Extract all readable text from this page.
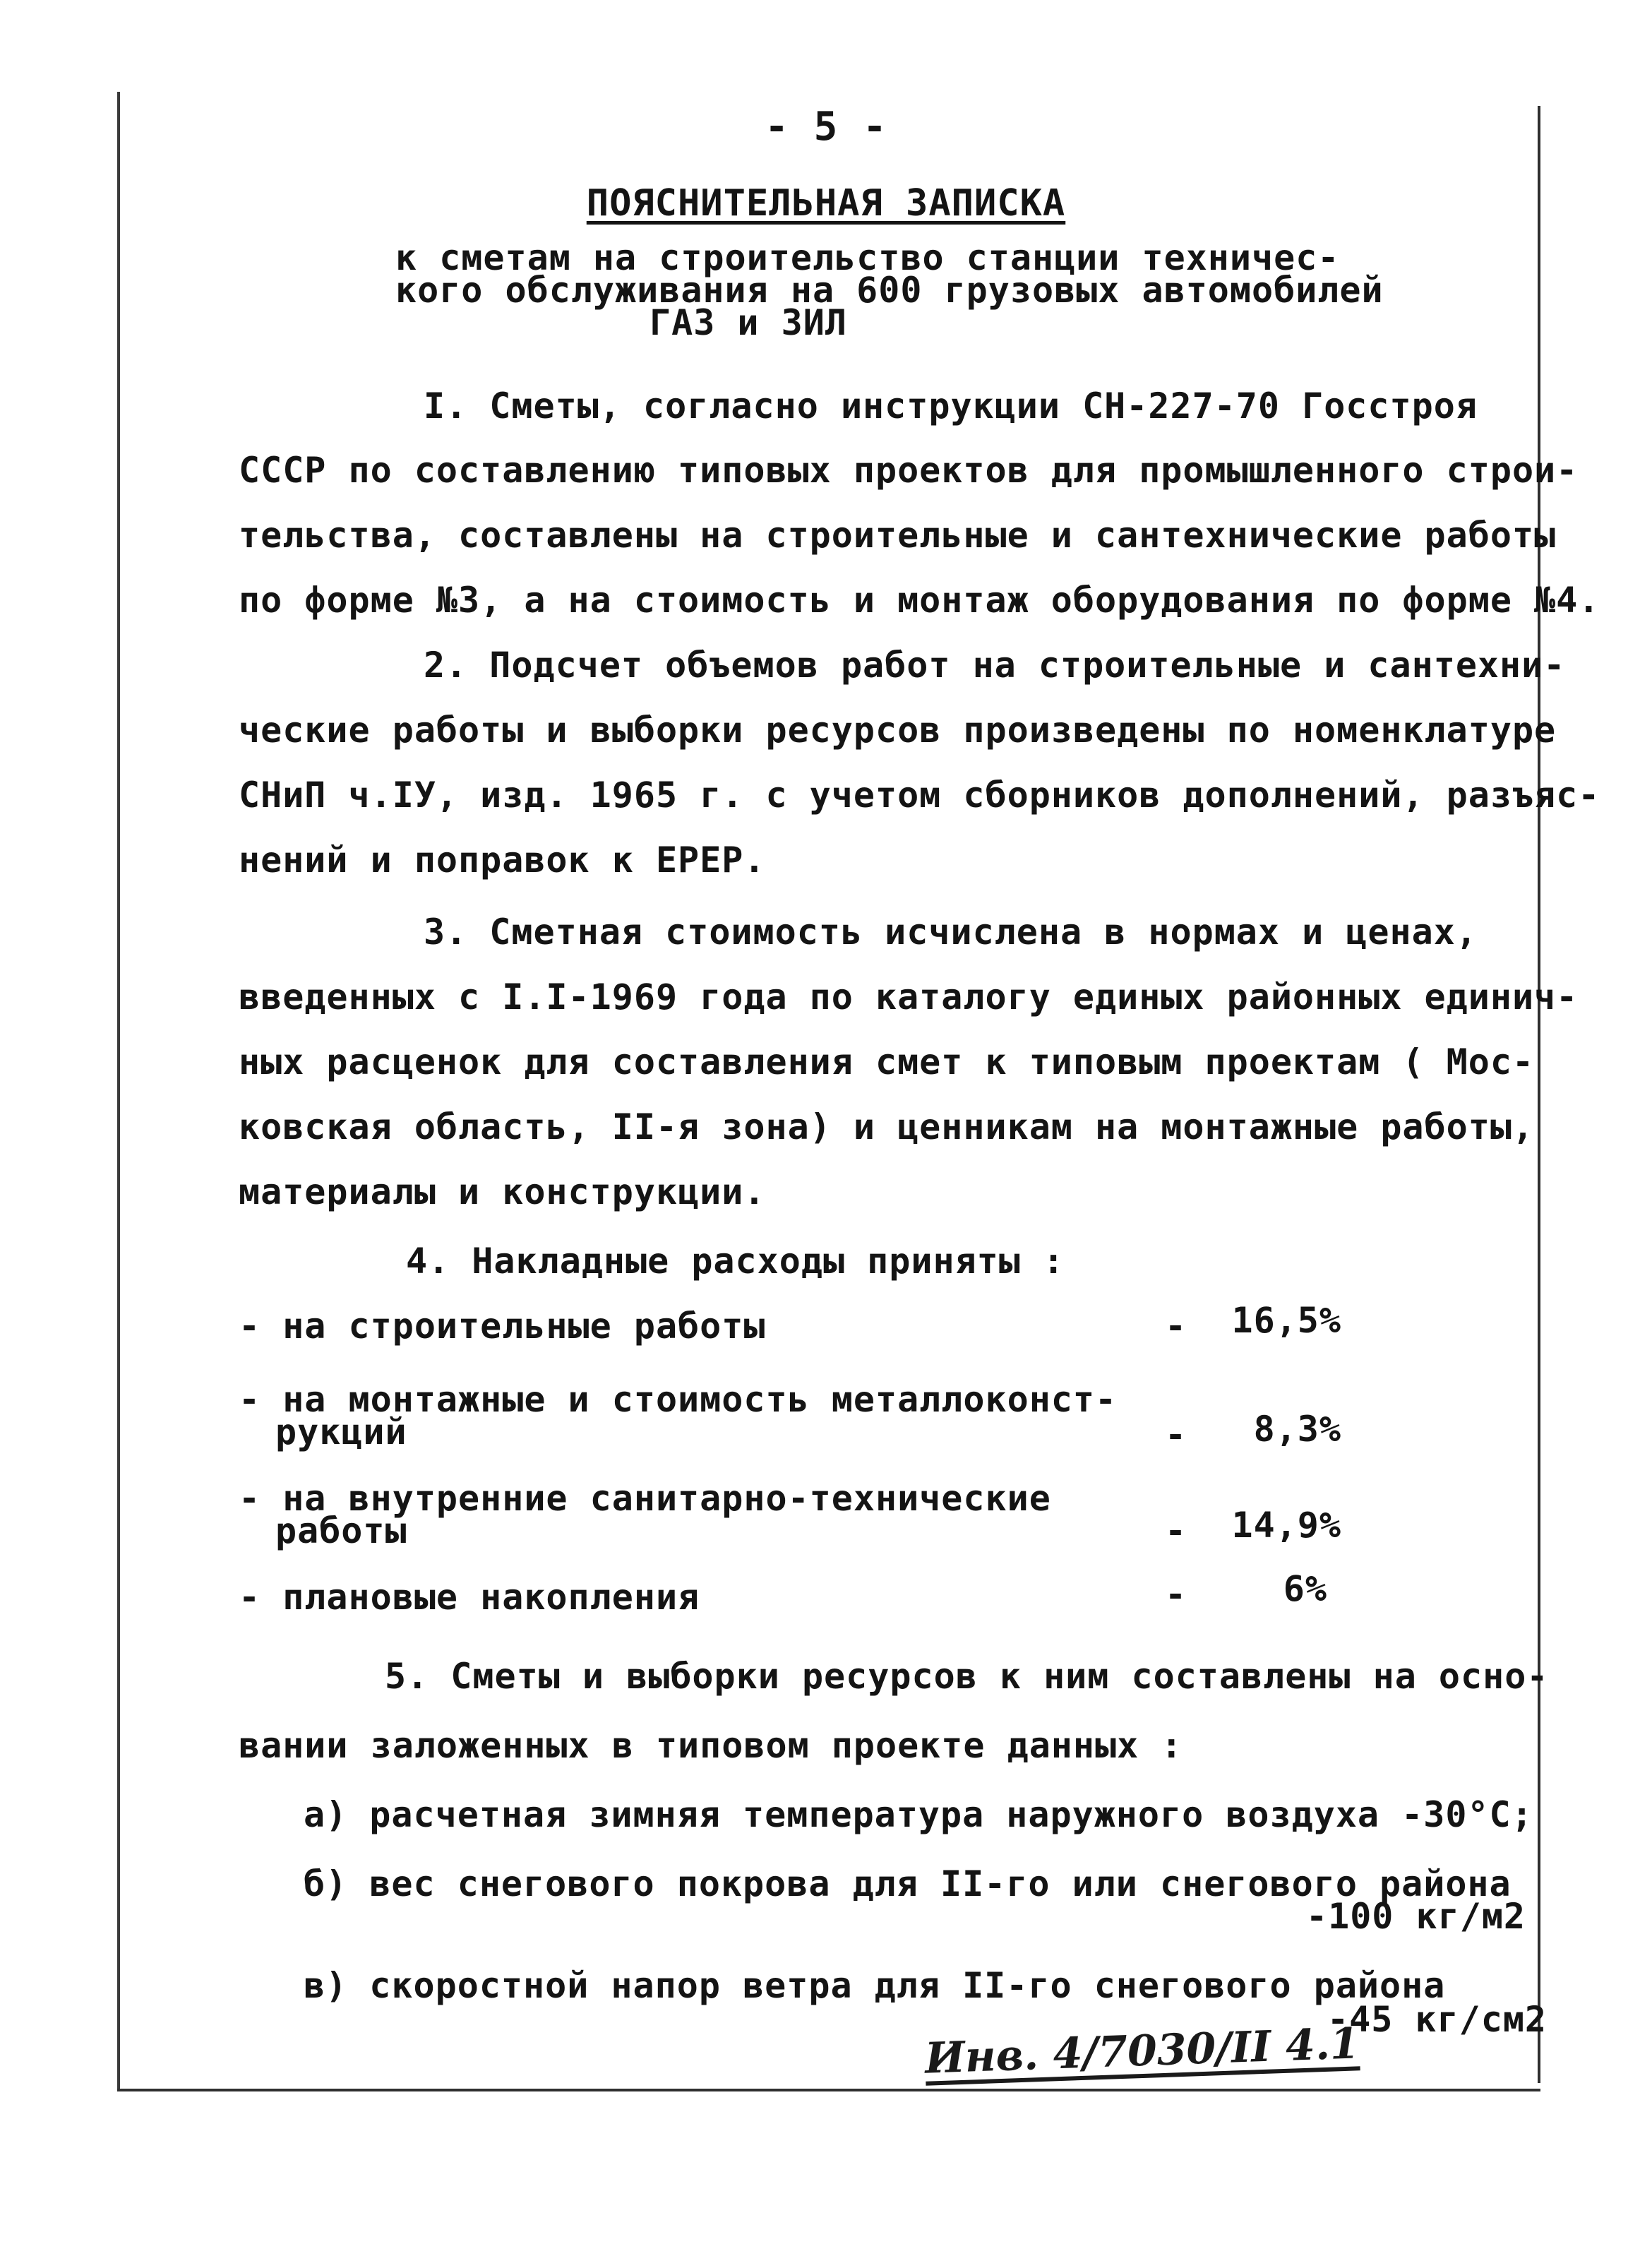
- 5 -
ПОЯСНИТЕЛЬНАЯ ЗАПИСКА
к сметам на строительство станции техничес-
кого обслуживания на 600 грузовых автомобилей
ГАЗ и ЗИЛ
I. Сметы, согласно инструкции СН-227-70 Госстроя
СССР по составлению типовых проектов для промышленного строи-
тельства, составлены на строительные и сантехнические работы
по форме №3, а на стоимость и монтаж оборудования по форме №4.
2. Подсчет объемов работ на строительные и сантехни-
ческие работы и выборки ресурсов произведены по номенклатуре
СНиП ч.IУ, изд. 1965 г. с учетом сборников дополнений, разъяс-
нений и поправок к ЕРЕР.
3. Сметная стоимость исчислена в нормах и ценах,
введенных с I.I-1969 года по каталогу единых районных единич-
ных расценок для составления смет к типовым проектам ( Мос-
ковская область, II-я зона) и ценникам на монтажные работы,
материалы и конструкции.
4. Накладные расходы приняты :
- на строительные работы	-	16,5%
- на монтажные и стоимость металлоконст-
рукций	-	8,3%
- на внутренние санитарно-технические
работы	-	14,9%
- плановые накопления	-	6%
5. Сметы и выборки ресурсов к ним составлены на осно-
вании заложенных в типовом проекте данных :
а) расчетная зимняя температура наружного воздуха -30°С;
б) вес снегового покрова для II-го или снегового района
-100 кг/м2
в) скоростной напор ветра для II-го снегового района
-45 кг/см2
Инв. 4/7030/II 4.1
